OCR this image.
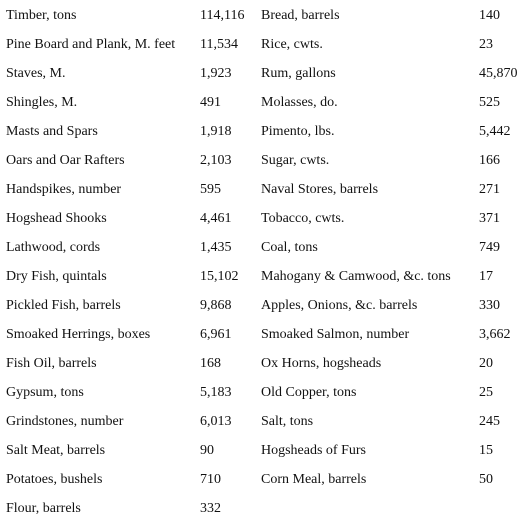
Timber, tons	114,116 Bread, barrels	140
Pine Board and Plank, M. feet 11,534 Rice, cwts.	23
Staves, M.	1,923 Rum, gallons	45,870
Shingles, M.	491	Molasses, do.	525
Masts and Spars	1,918 Pimento, lbs.	5,442
Oars and Oar Rafters	2,103 Sugar, cwts.	166
Handspikes, number	595	Naval Stores, barrels	271
Hogshead Shooks	4,461 Tobacco, cwts.	371
Lathwood, cords	1,435 Coal, tons	749
Dry Fish, quintals	15,102 Mahogany & Camwood, &c. tons 17
Pickled Fish, barrels	9,868 Apples, Onions, &c. barrels	330
Smoaked Herrings, boxes	6,961 Smoaked Salmon, number	3,662
Fish Oil, barrels	168	Ox Horns, hogsheads	20
Gypsum, tons	5,183 Old Copper, tons	25
Grindstones, number	6,013 Salt, tons	245
Salt Meat, barrels	90	Hogsheads of Furs	15
Potatoes, bushels	710	Corn Meal, barrels	50
Flour, barrels	332
